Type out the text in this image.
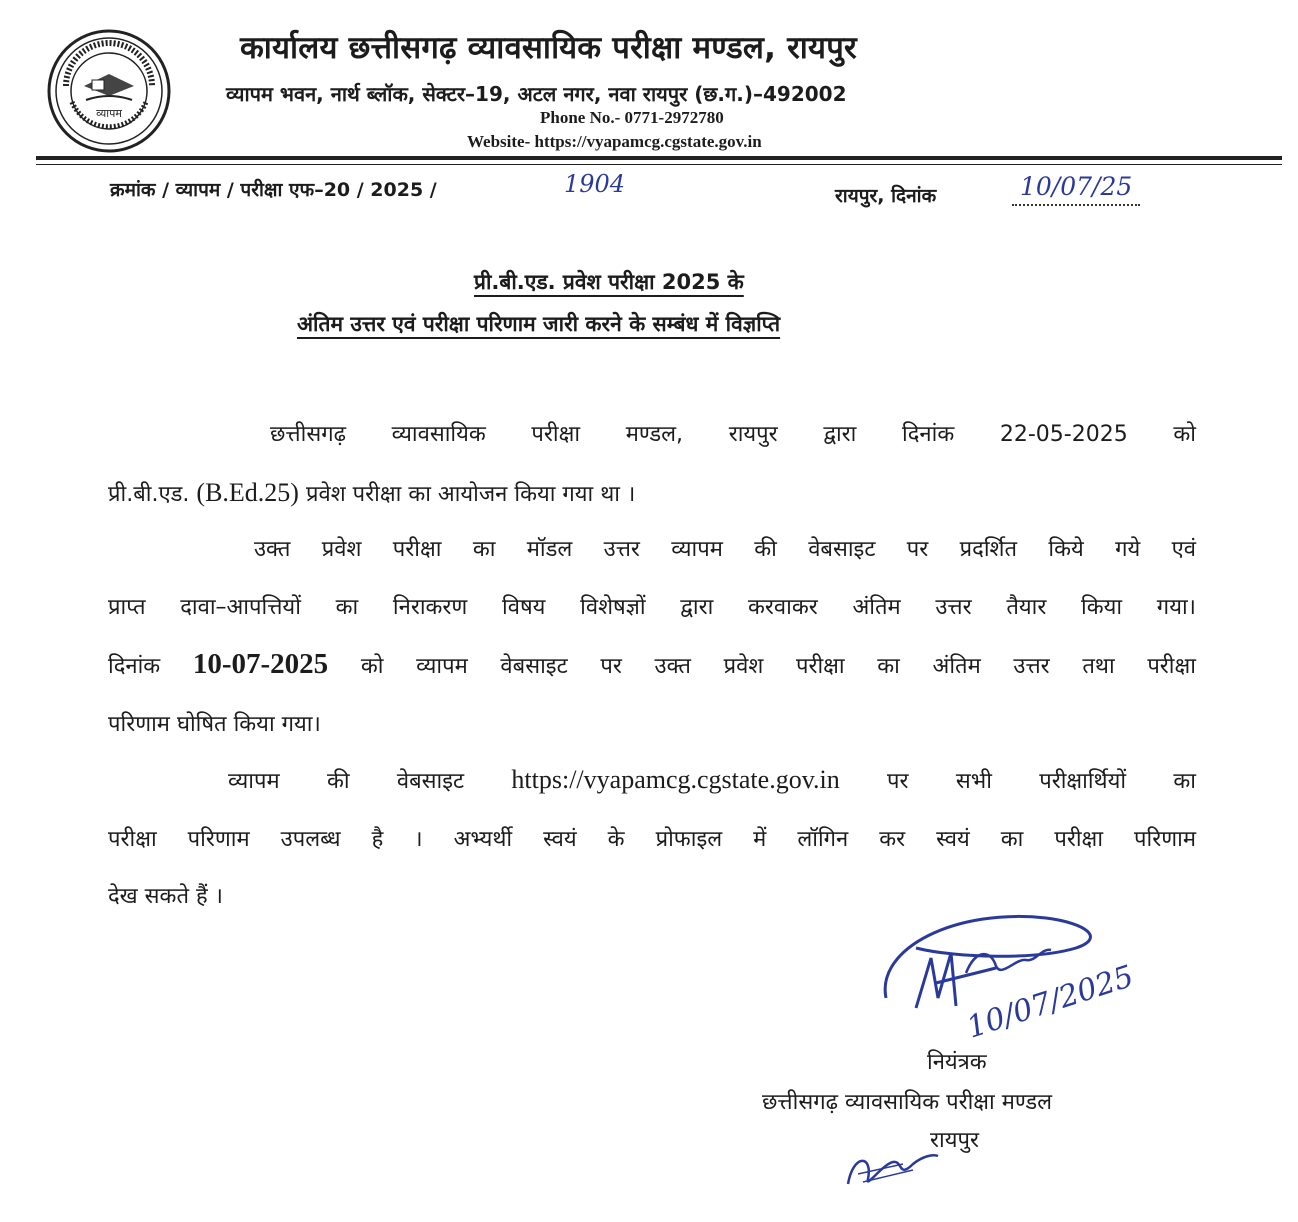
व्यापम
कार्यालय छत्तीसगढ़ व्यावसायिक परीक्षा मण्डल, रायपुर
व्यापम भवन, नार्थ ब्लॉक, सेक्टर–19, अटल नगर, नवा रायपुर (छ.ग.)–492002
Phone No.- 0771-2972780
Website- https://vyapamcg.cgstate.gov.in
क्रमांक / व्यापम / परीक्षा एफ–20 / 2025 /	1904	रायपुर, दिनांक	10/07/25
प्री.बी.एड. प्रवेश परीक्षा 2025 के
अंतिम उत्तर एवं परीक्षा परिणाम जारी करने के सम्बंध में विज्ञप्ति
छत्तीसगढ़ व्यावसायिक परीक्षा मण्डल, रायपुर द्वारा दिनांक 22-05-2025 को
प्री.बी.एड. (B.Ed.25) प्रवेश परीक्षा का आयोजन किया गया था ।
उक्त प्रवेश परीक्षा का मॉडल उत्तर व्यापम की वेबसाइट पर प्रदर्शित किये गये एवं
प्राप्त दावा–आपत्तियों का निराकरण विषय विशेषज्ञों द्वारा करवाकर अंतिम उत्तर तैयार किया गया।
दिनांक 10-07-2025 को व्यापम वेबसाइट पर उक्त प्रवेश परीक्षा का अंतिम उत्तर तथा परीक्षा
परिणाम घोषित किया गया।
व्यापम की वेबसाइट https://vyapamcg.cgstate.gov.in पर सभी परीक्षार्थियों का
परीक्षा परिणाम उपलब्ध है । अभ्यर्थी स्वयं के प्रोफाइल में लॉगिन कर स्वयं का परीक्षा परिणाम
देख सकते हैं ।
10/07/2025
नियंत्रक
छत्तीसगढ़ व्यावसायिक परीक्षा मण्डल
रायपुर
